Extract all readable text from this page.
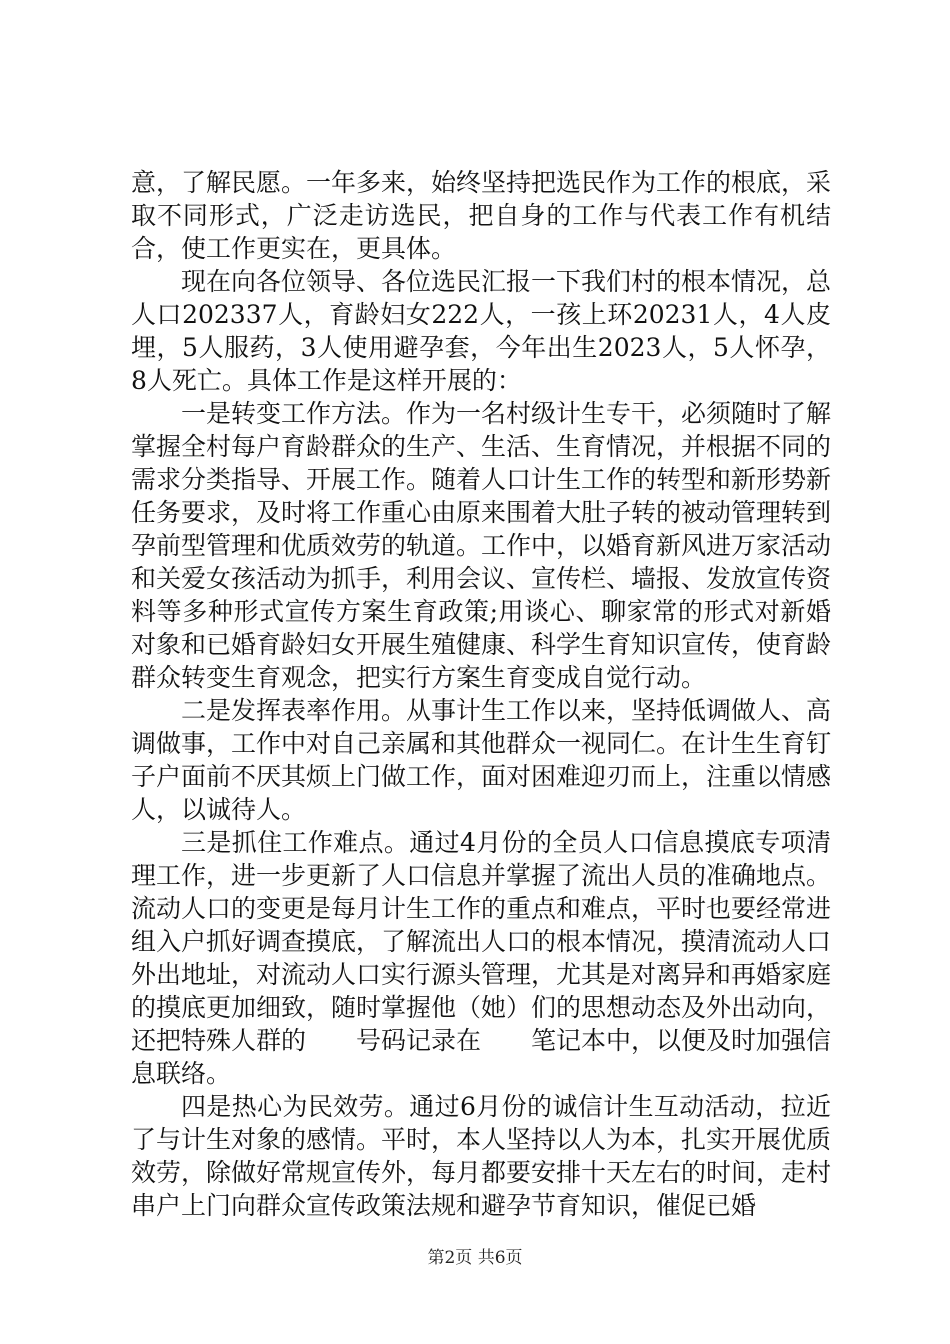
意，了解民愿。一年多来，始终坚持把选民作为工作的根底，采取不同形式，广泛走访选民，把自身的工作与代表工作有机结合，使工作更实在，更具体。

现在向各位领导、各位选民汇报一下我们村的根本情况，总人口202337人，育龄妇女222人，一孩上环20231人，4人皮埋，5人服药，3人使用避孕套，今年出生2023人，5人怀孕，8人死亡。具体工作是这样开展的：

一是转变工作方法。作为一名村级计生专干，必须随时了解掌握全村每户育龄群众的生产、生活、生育情况，并根据不同的需求分类指导、开展工作。随着人口计生工作的转型和新形势新任务要求，及时将工作重心由原来围着大肚子转的被动管理转到孕前型管理和优质效劳的轨道。工作中，以婚育新风进万家活动和关爱女孩活动为抓手，利用会议、宣传栏、墙报、发放宣传资料等多种形式宣传方案生育政策;用谈心、聊家常的形式对新婚对象和已婚育龄妇女开展生殖健康、科学生育知识宣传，使育龄群众转变生育观念，把实行方案生育变成自觉行动。

二是发挥表率作用。从事计生工作以来，坚持低调做人、高调做事，工作中对自己亲属和其他群众一视同仁。在计生生育钉子户面前不厌其烦上门做工作，面对困难迎刃而上，注重以情感人，以诚待人。

三是抓住工作难点。通过4月份的全员人口信息摸底专项清理工作，进一步更新了人口信息并掌握了流出人员的准确地点。流动人口的变更是每月计生工作的重点和难点，平时也要经常进组入户抓好调查摸底，了解流出人口的根本情况，摸清流动人口外出地址，对流动人口实行源头管理，尤其是对离异和再婚家庭的摸底更加细致，随时掌握他（她）们的思想动态及外出动向，还把特殊人群的　　号码记录在　　笔记本中，以便及时加强信息联络。

四是热心为民效劳。通过6月份的诚信计生互动活动，拉近了与计生对象的感情。平时，本人坚持以人为本，扎实开展优质效劳，除做好常规宣传外，每月都要安排十天左右的时间，走村串户上门向群众宣传政策法规和避孕节育知识，催促已婚

第2页 共6页
